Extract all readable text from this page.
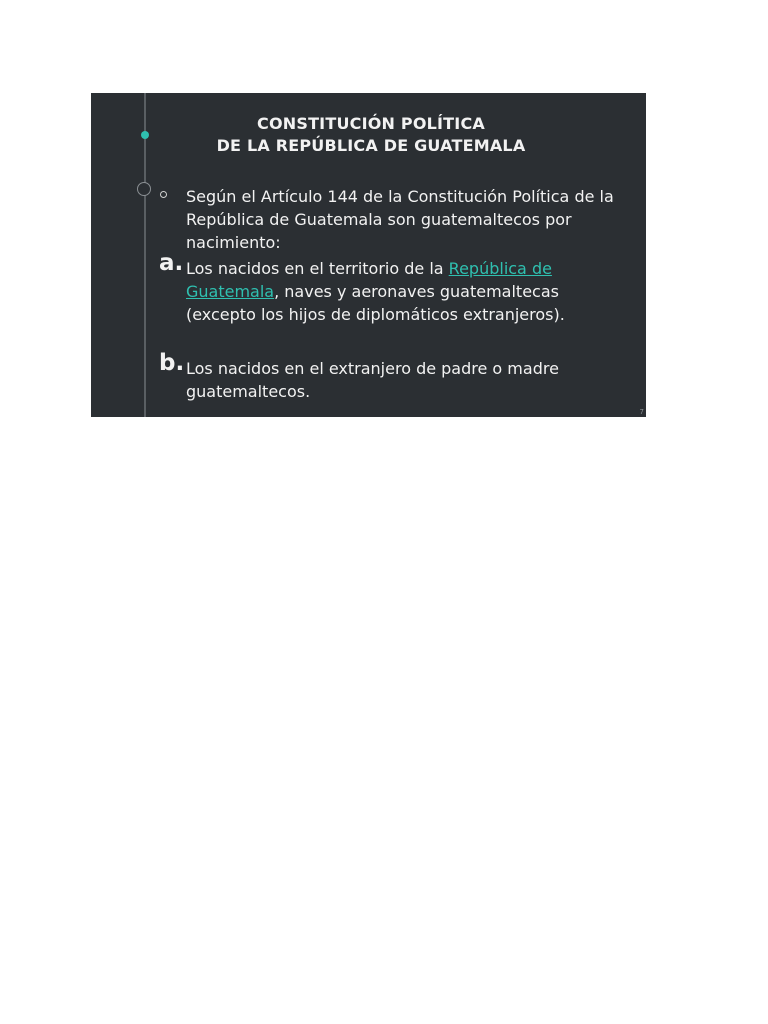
CONSTITUCIÓN POLÍTICA
DE LA REPÚBLICA DE GUATEMALA
Según el Artículo 144 de la Constitución Política de la República de Guatemala son guatemaltecos por nacimiento:
a. Los nacidos en el territorio de la República de Guatemala, naves y aeronaves guatemaltecas (excepto los hijos de diplomáticos extranjeros).
b. Los nacidos en el extranjero de padre o madre guatemaltecos.
7
